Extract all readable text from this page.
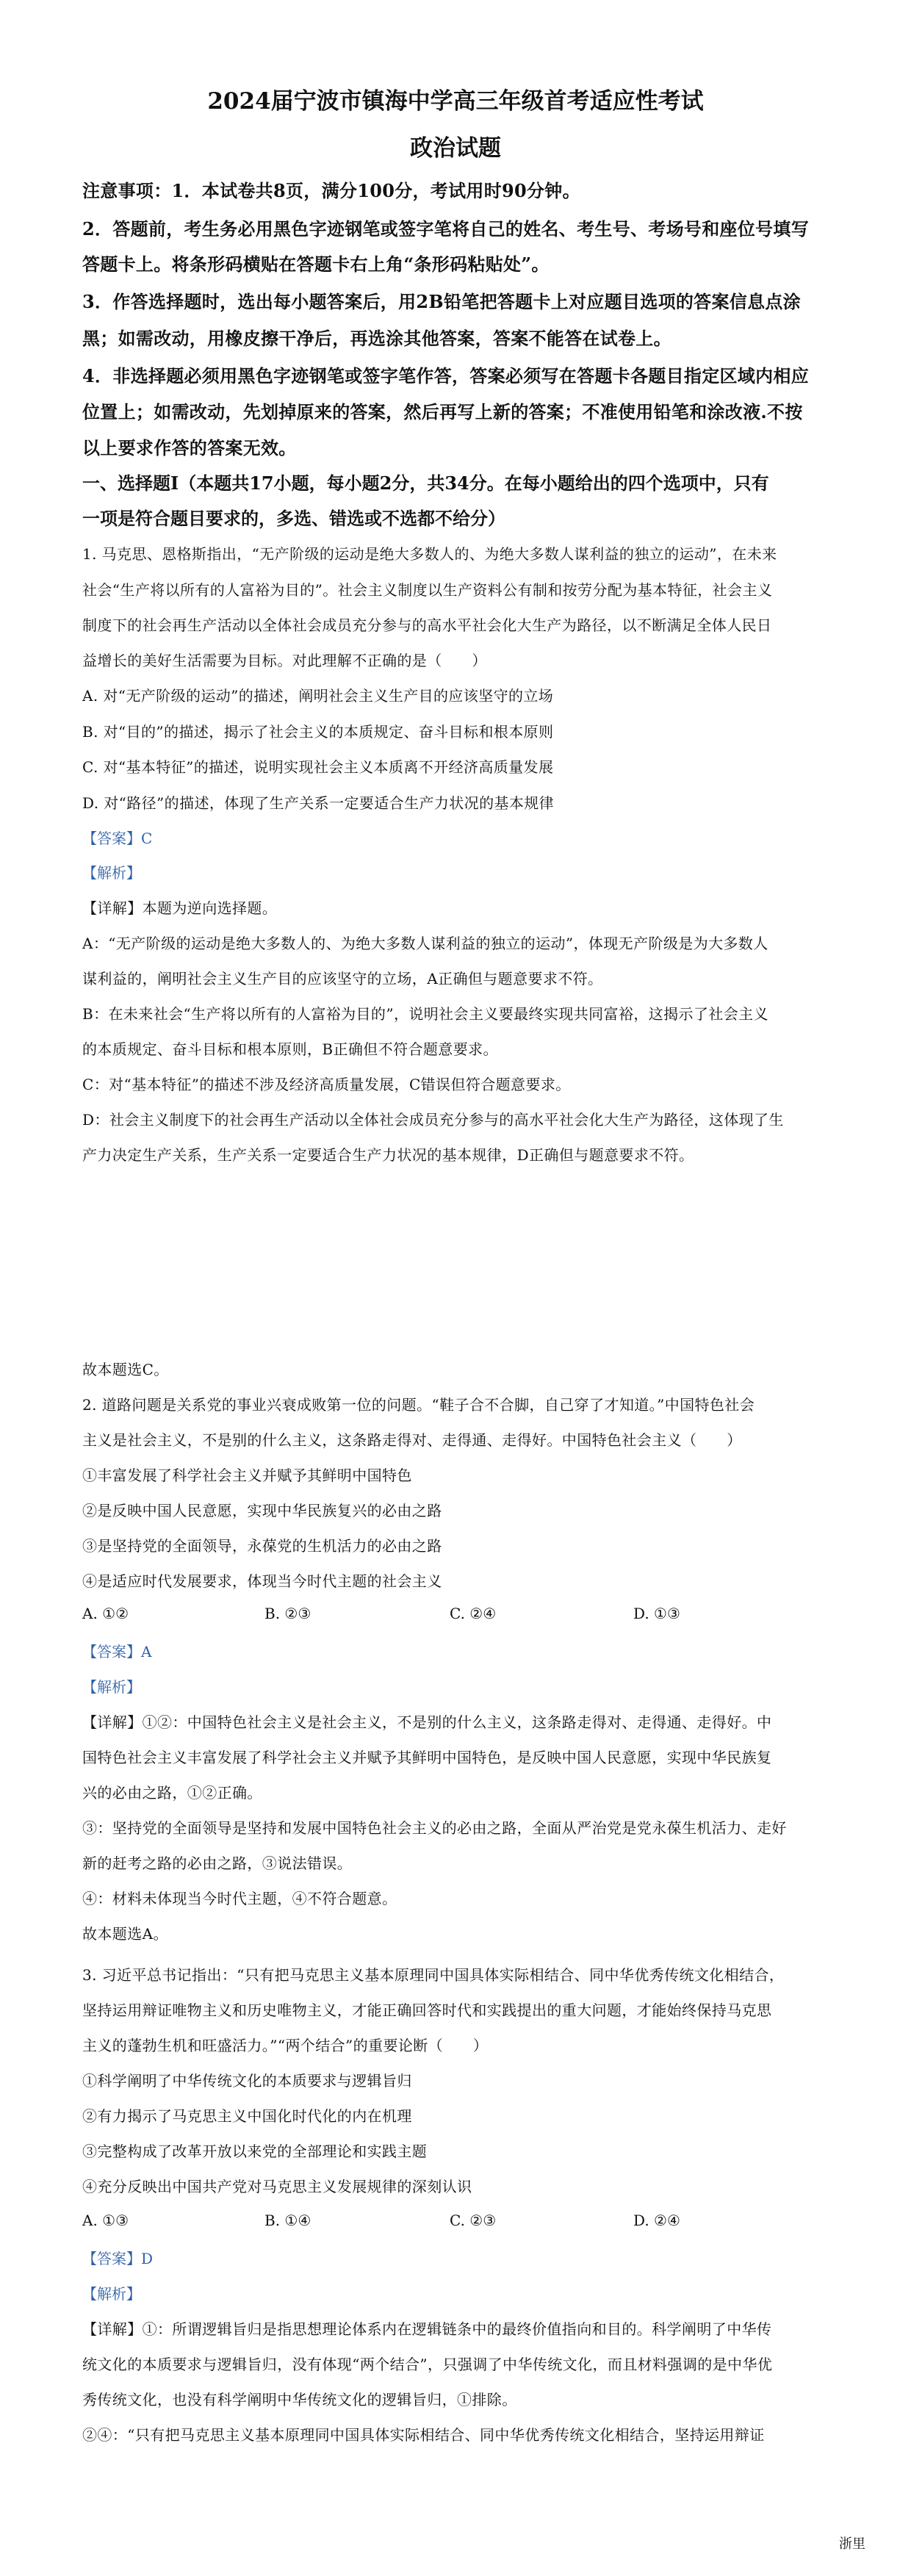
2024届宁波市镇海中学高三年级首考适应性考试
政治试题
注意事项：1．本试卷共8页，满分100分，考试用时90分钟。
2．答题前，考生务必用黑色字迹钢笔或签字笔将自己的姓名、考生号、考场号和座位号填写
答题卡上。将条形码横贴在答题卡右上角“条形码粘贴处”。
3．作答选择题时，选出每小题答案后，用2B铅笔把答题卡上对应题目选项的答案信息点涂
黑；如需改动，用橡皮擦干净后，再选涂其他答案，答案不能答在试卷上。
4．非选择题必须用黑色字迹钢笔或签字笔作答，答案必须写在答题卡各题目指定区域内相应
位置上；如需改动，先划掉原来的答案，然后再写上新的答案；不准使用铅笔和涂改液.不按
以上要求作答的答案无效。
一、选择题Ⅰ（本题共17小题，每小题2分，共34分。在每小题给出的四个选项中，只有
一项是符合题目要求的，多选、错选或不选都不给分）
1. 马克思、恩格斯指出，“无产阶级的运动是绝大多数人的、为绝大多数人谋利益的独立的运动”，在未来
社会“生产将以所有的人富裕为目的”。社会主义制度以生产资料公有制和按劳分配为基本特征，社会主义
制度下的社会再生产活动以全体社会成员充分参与的高水平社会化大生产为路径，以不断满足全体人民日
益增长的美好生活需要为目标。对此理解不正确的是（　　）
A. 对“无产阶级的运动”的描述，阐明社会主义生产目的应该坚守的立场
B. 对“目的”的描述，揭示了社会主义的本质规定、奋斗目标和根本原则
C. 对“基本特征”的描述，说明实现社会主义本质离不开经济高质量发展
D. 对“路径”的描述，体现了生产关系一定要适合生产力状况的基本规律
【答案】C
【解析】
【详解】本题为逆向选择题。
A：“无产阶级的运动是绝大多数人的、为绝大多数人谋利益的独立的运动”，体现无产阶级是为大多数人
谋利益的，阐明社会主义生产目的应该坚守的立场，A正确但与题意要求不符。
B：在未来社会“生产将以所有的人富裕为目的”，说明社会主义要最终实现共同富裕，这揭示了社会主义
的本质规定、奋斗目标和根本原则，B正确但不符合题意要求。
C：对“基本特征”的描述不涉及经济高质量发展，C错误但符合题意要求。
D：社会主义制度下的社会再生产活动以全体社会成员充分参与的高水平社会化大生产为路径，这体现了生
产力决定生产关系，生产关系一定要适合生产力状况的基本规律，D正确但与题意要求不符。
故本题选C。
2. 道路问题是关系党的事业兴衰成败第一位的问题。“鞋子合不合脚，自己穿了才知道。”中国特色社会
主义是社会主义，不是别的什么主义，这条路走得对、走得通、走得好。中国特色社会主义（　　）
①丰富发展了科学社会主义并赋予其鲜明中国特色
②是反映中国人民意愿，实现中华民族复兴的必由之路
③是坚持党的全面领导，永葆党的生机活力的必由之路
④是适应时代发展要求，体现当今时代主题的社会主义
A. ①②	B. ②③	C. ②④	D. ①③
【答案】A
【解析】
【详解】①②：中国特色社会主义是社会主义，不是别的什么主义，这条路走得对、走得通、走得好。中
国特色社会主义丰富发展了科学社会主义并赋予其鲜明中国特色，是反映中国人民意愿，实现中华民族复
兴的必由之路，①②正确。
③：坚持党的全面领导是坚持和发展中国特色社会主义的必由之路，全面从严治党是党永葆生机活力、走好
新的赶考之路的必由之路，③说法错误。
④：材料未体现当今时代主题，④不符合题意。
故本题选A。
3. 习近平总书记指出：“只有把马克思主义基本原理同中国具体实际相结合、同中华优秀传统文化相结合，
坚持运用辩证唯物主义和历史唯物主义，才能正确回答时代和实践提出的重大问题，才能始终保持马克思
主义的蓬勃生机和旺盛活力。”“两个结合”的重要论断（　　）
①科学阐明了中华传统文化的本质要求与逻辑旨归
②有力揭示了马克思主义中国化时代化的内在机理
③完整构成了改革开放以来党的全部理论和实践主题
④充分反映出中国共产党对马克思主义发展规律的深刻认识
A. ①③	B. ①④	C. ②③	D. ②④
【答案】D
【解析】
【详解】①：所谓逻辑旨归是指思想理论体系内在逻辑链条中的最终价值指向和目的。科学阐明了中华传
统文化的本质要求与逻辑旨归，没有体现“两个结合”，只强调了中华传统文化，而且材料强调的是中华优
秀传统文化，也没有科学阐明中华传统文化的逻辑旨归，①排除。
②④：“只有把马克思主义基本原理同中国具体实际相结合、同中华优秀传统文化相结合，坚持运用辩证
浙里
